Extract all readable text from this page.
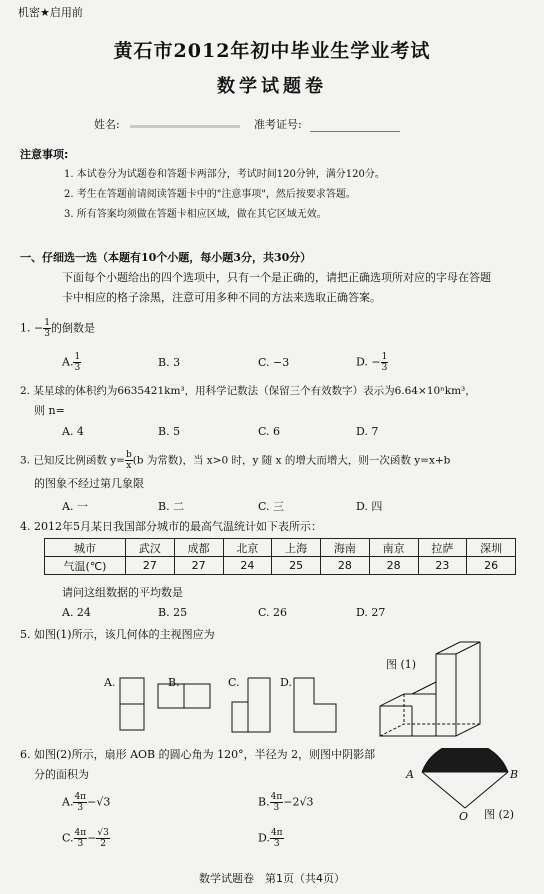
机密★启用前
黄石市2012年初中毕业生学业考试
数学试题卷
姓名:	准考证号:
注意事项:
1. 本试卷分为试题卷和答题卡两部分，考试时间120分钟，满分120分。
2. 考生在答题前请阅读答题卡中的"注意事项"，然后按要求答题。
3. 所有答案均须做在答题卡相应区域，做在其它区域无效。
一、仔细选一选（本题有10个小题，每小题3分，共30分）
下面每个小题给出的四个选项中，只有一个是正确的，请把正确选项所对应的字母在答题
卡中相应的格子涂黑，注意可用多种不同的方法来选取正确答案。
1. − $\frac{1}{3}$ 的倒数是
A. $\frac{1}{3}$	B. 3	C. −3	D. − $\frac{1}{3}$
2. 某星球的体积约为6635421km³，用科学记数法（保留三个有效数字）表示为6.64×10ⁿkm³，
则 n=
A. 4	B. 5	C. 6	D. 7
3. 已知反比例函数 $y= \frac{b}{x} (b$ 为常数)，当 x>0 时，y 随 x 的增大而增大，则一次函数 y=x+b
的图象不经过第几象限
A. 一	B. 二	C. 三	D. 四
4. 2012年5月某日我国部分城市的最高气温统计如下表所示：
城市	武汉	成都	北京	上海	海南	南京	拉萨	深圳
气温(℃)	27	27	24	25	28	28	23	26
请问这组数据的平均数是
A. 24	B. 25	C. 26	D. 27
5. 如图(1)所示，该几何体的主视图应为
A.	B.	C.	D.
图 (1)
6. 如图(2)所示，扇形 AOB 的圆心角为 120°，半径为 2，则图中阴影部
分的面积为
A. $\frac{4\pi}{3} -√3$	B. $\frac{4\pi}{3} -2√3$
C. $\frac{4\pi}{3} - \frac{√3}{2}$	D. $\frac{4\pi}{3}$
A	B
O 图 (2)
数学试题卷　第1页（共4页）
